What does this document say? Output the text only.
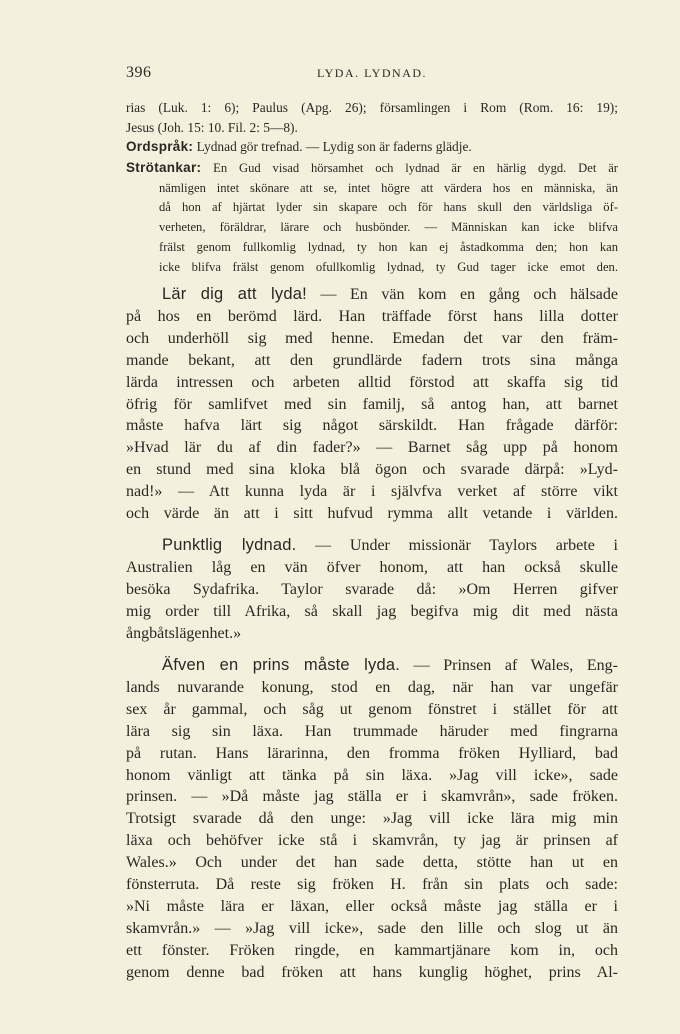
396	LYDA. LYDNAD.
rias (Luk. 1: 6); Paulus (Apg. 26); församlingen i Rom (Rom. 16: 19);
Jesus (Joh. 15: 10. Fil. 2: 5—8).
Ordspråk: Lydnad gör trefnad. — Lydig son är faderns glädje.
Strötankar: En Gud visad hörsamhet och lydnad är en härlig dygd. Det är
nämligen intet skönare att se, intet högre att värdera hos en människa, än
då hon af hjärtat lyder sin skapare och för hans skull den världsliga öf-
verheten, föräldrar, lärare och husbönder. — Människan kan icke blifva
frälst genom fullkomlig lydnad, ty hon kan ej åstadkomma den; hon kan
icke blifva frälst genom ofullkomlig lydnad, ty Gud tager icke emot den.
Lär dig att lyda! — En vän kom en gång och hälsade
på hos en berömd lärd. Han träffade först hans lilla dotter
och underhöll sig med henne. Emedan det var den främ-
mande bekant, att den grundlärde fadern trots sina många
lärda intressen och arbeten alltid förstod att skaffa sig tid
öfrig för samlifvet med sin familj, så antog han, att barnet
måste hafva lärt sig något särskildt. Han frågade därför:
»Hvad lär du af din fader?» — Barnet såg upp på honom
en stund med sina kloka blå ögon och svarade därpå: »Lyd-
nad!» — Att kunna lyda är i självfva verket af större vikt
och värde än att i sitt hufvud rymma allt vetande i världen.
Punktlig lydnad. — Under missionär Taylors arbete i
Australien låg en vän öfver honom, att han också skulle
besöka Sydafrika. Taylor svarade då: »Om Herren gifver
mig order till Afrika, så skall jag begifva mig dit med nästa
ångbåtslägenhet.»
Äfven en prins måste lyda. — Prinsen af Wales, Eng-
lands nuvarande konung, stod en dag, när han var ungefär
sex år gammal, och såg ut genom fönstret i stället för att
lära sig sin läxa. Han trummade häruder med fingrarna
på rutan. Hans lärarinna, den fromma fröken Hylliard, bad
honom vänligt att tänka på sin läxa. »Jag vill icke», sade
prinsen. — »Då måste jag ställa er i skamvrån», sade fröken.
Trotsigt svarade då den unge: »Jag vill icke lära mig min
läxa och behöfver icke stå i skamvrån, ty jag är prinsen af
Wales.» Och under det han sade detta, stötte han ut en
fönsterruta. Då reste sig fröken H. från sin plats och sade:
»Ni måste lära er läxan, eller också måste jag ställa er i
skamvrån.» — »Jag vill icke», sade den lille och slog ut än
ett fönster. Fröken ringde, en kammartjänare kom in, och
genom denne bad fröken att hans kunglig höghet, prins Al-
